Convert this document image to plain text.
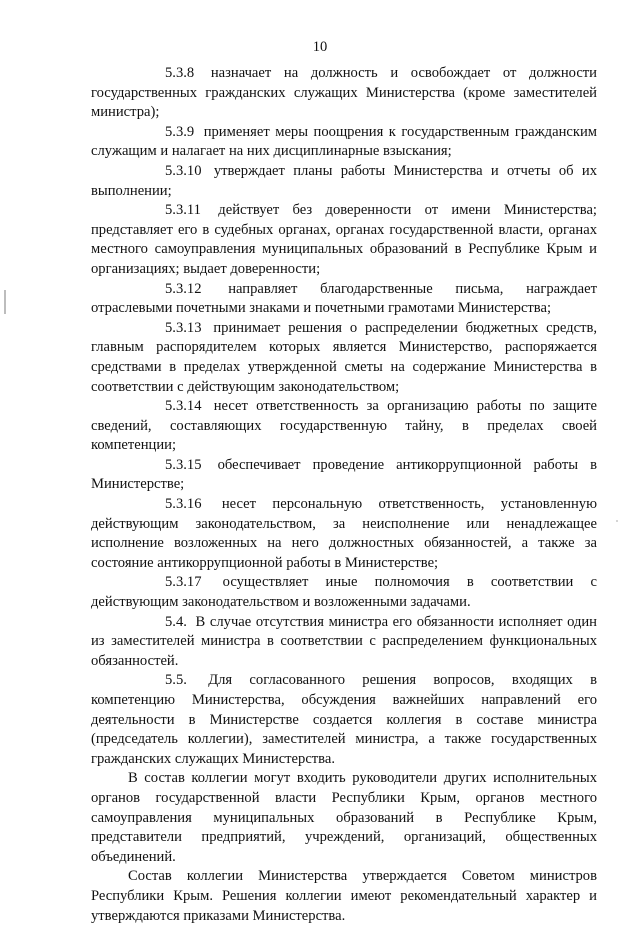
10

5.3.8 назначает на должность и освобождает от должности государственных гражданских служащих Министерства (кроме заместителей министра);

5.3.9 применяет меры поощрения к государственным гражданским служащим и налагает на них дисциплинарные взыскания;

5.3.10 утверждает планы работы Министерства и отчеты об их выполнении;

5.3.11 действует без доверенности от имени Министерства; представляет его в судебных органах, органах государственной власти, органах местного самоуправления муниципальных образований в Республике Крым и организациях; выдает доверенности;

5.3.12 направляет благодарственные письма, награждает отраслевыми почетными знаками и почетными грамотами Министерства;

5.3.13 принимает решения о распределении бюджетных средств, главным распорядителем которых является Министерство, распоряжается средствами в пределах утвержденной сметы на содержание Министерства в соответствии с действующим законодательством;

5.3.14 несет ответственность за организацию работы по защите сведений, составляющих государственную тайну, в пределах своей компетенции;

5.3.15 обеспечивает проведение антикоррупционной работы в Министерстве;

5.3.16 несет персональную ответственность, установленную действующим законодательством, за неисполнение или ненадлежащее исполнение возложенных на него должностных обязанностей, а также за состояние антикоррупционной работы в Министерстве;

5.3.17 осуществляет иные полномочия в соответствии с действующим законодательством и возложенными задачами.

5.4. В случае отсутствия министра его обязанности исполняет один из заместителей министра в соответствии с распределением функциональных обязанностей.

5.5. Для согласованного решения вопросов, входящих в компетенцию Министерства, обсуждения важнейших направлений его деятельности в Министерстве создается коллегия в составе министра (председатель коллегии), заместителей министра, а также государственных гражданских служащих Министерства.

В состав коллегии могут входить руководители других исполнительных органов государственной власти Республики Крым, органов местного самоуправления муниципальных образований в Республике Крым, представители предприятий, учреждений, организаций, общественных объединений.

Состав коллегии Министерства утверждается Советом министров Республики Крым. Решения коллегии имеют рекомендательный характер и утверждаются приказами Министерства.
